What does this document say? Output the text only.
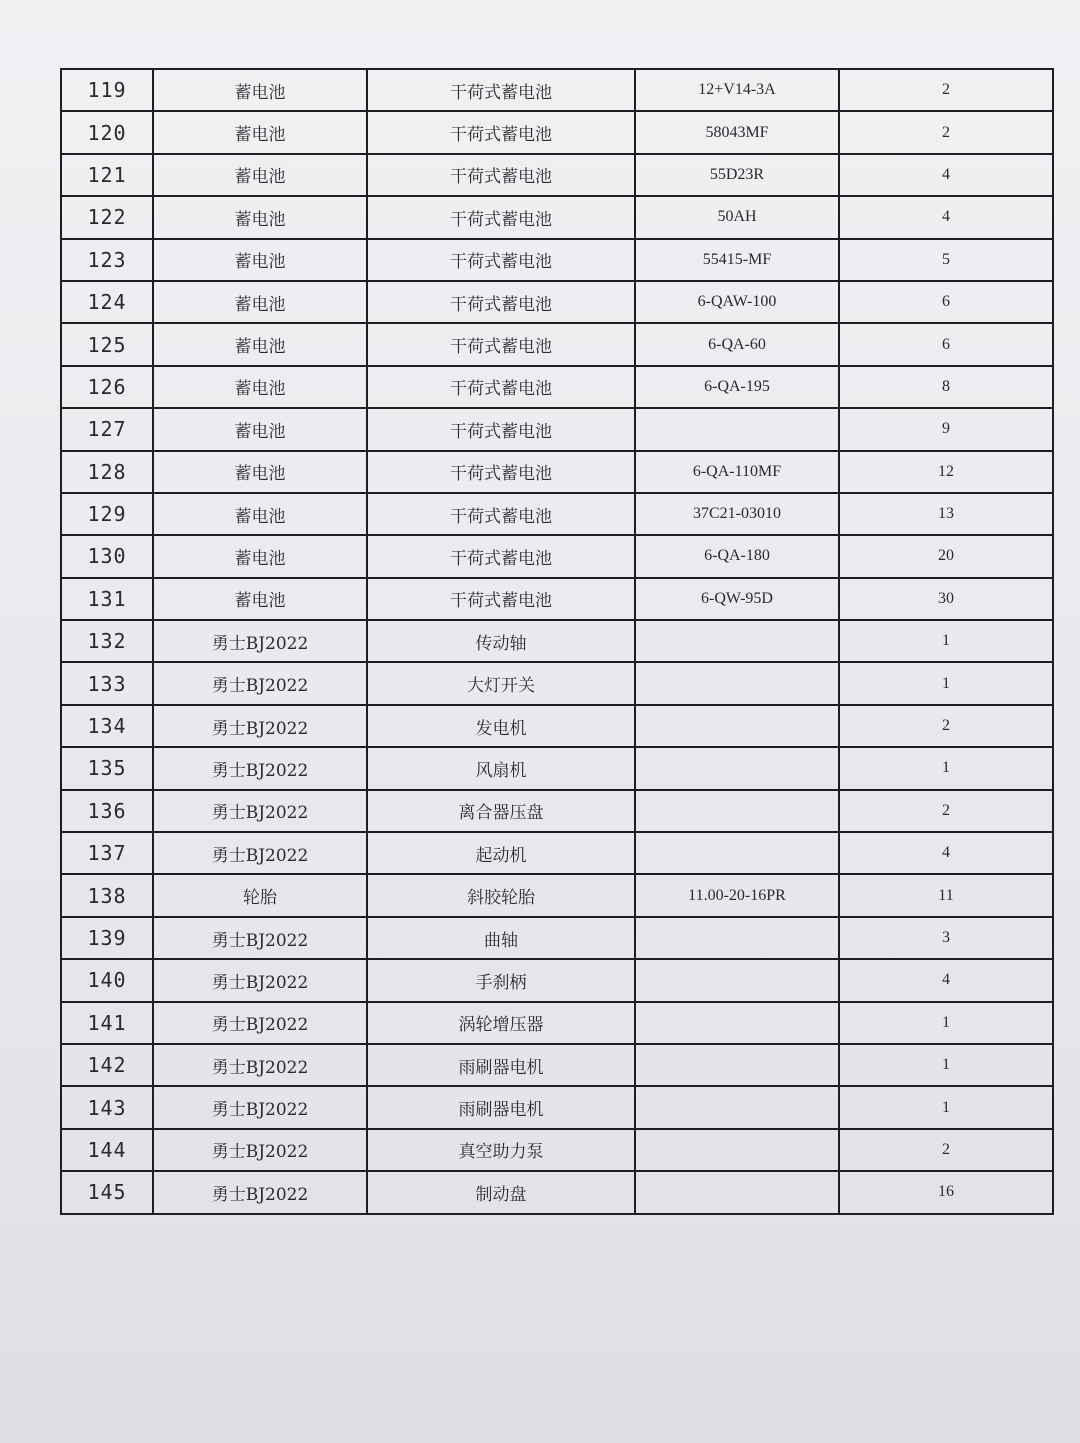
119	蓄电池	干荷式蓄电池	12+V14-3A	2
120	蓄电池	干荷式蓄电池	58043MF	2
121	蓄电池	干荷式蓄电池	55D23R	4
122	蓄电池	干荷式蓄电池	50AH	4
123	蓄电池	干荷式蓄电池	55415-MF	5
124	蓄电池	干荷式蓄电池	6-QAW-100	6
125	蓄电池	干荷式蓄电池	6-QA-60	6
126	蓄电池	干荷式蓄电池	6-QA-195	8
127	蓄电池	干荷式蓄电池		9
128	蓄电池	干荷式蓄电池	6-QA-110MF	12
129	蓄电池	干荷式蓄电池	37C21-03010	13
130	蓄电池	干荷式蓄电池	6-QA-180	20
131	蓄电池	干荷式蓄电池	6-QW-95D	30
132	勇士BJ2022	传动轴		1
133	勇士BJ2022	大灯开关		1
134	勇士BJ2022	发电机		2
135	勇士BJ2022	风扇机		1
136	勇士BJ2022	离合器压盘		2
137	勇士BJ2022	起动机		4
138	轮胎	斜胶轮胎	11.00-20-16PR	11
139	勇士BJ2022	曲轴		3
140	勇士BJ2022	手刹柄		4
141	勇士BJ2022	涡轮增压器		1
142	勇士BJ2022	雨刷器电机		1
143	勇士BJ2022	雨刷器电机		1
144	勇士BJ2022	真空助力泵		2
145	勇士BJ2022	制动盘		16
